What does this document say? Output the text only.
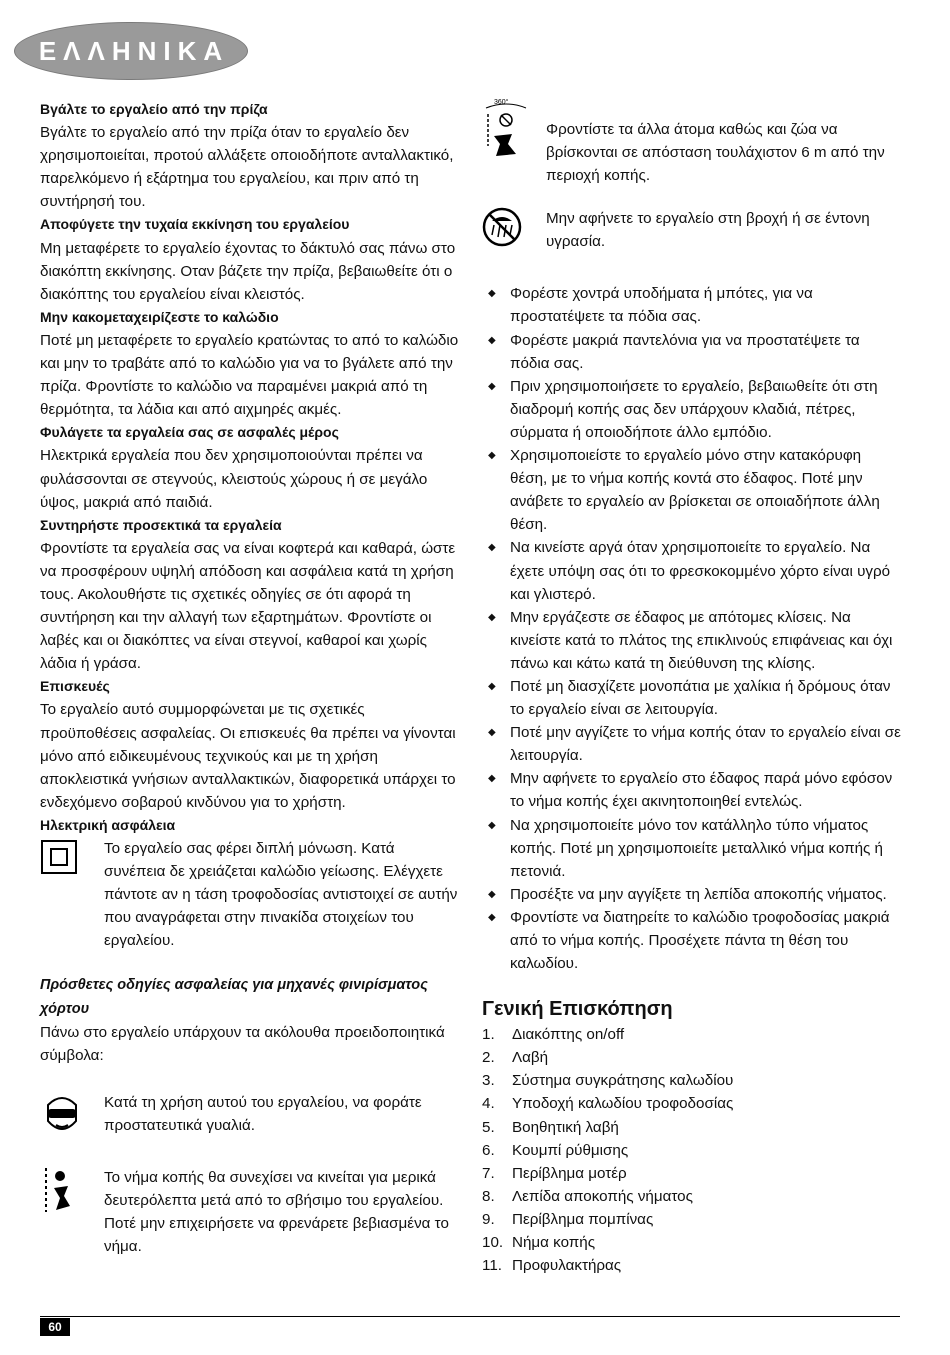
ΕΛΛΗΝΙΚΑ
Βγάλτε το εργαλείο από την πρίζα

Βγάλτε το εργαλείο από την πρίζα όταν το εργαλείο δεν χρησιμοποιείται, προτού αλλάξετε οποιοδήποτε ανταλλακτικό, παρελκόμενο ή εξάρτημα του εργαλείου, και πριν από τη συντήρησή του.

Αποφύγετε την τυχαία εκκίνηση του εργαλείου

Μη μεταφέρετε το εργαλείο έχοντας το δάκτυλό σας πάνω στο διακόπτη εκκίνησης. Οταν βάζετε την πρίζα, βεβαιωθείτε ότι ο διακόπτης του εργαλείου είναι κλειστός.

Μην κακομεταχειρίζεστε το καλώδιο

Ποτέ μη μεταφέρετε το εργαλείο κρατώντας το από το καλώδιο και μην το τραβάτε από το καλώδιο για να το βγάλετε από την πρίζα. Φροντίστε το καλώδιο να παραμένει μακριά από τη θερμότητα, τα λάδια και από αιχμηρές ακμές.

Φυλάγετε τα εργαλεία σας σε ασφαλές μέρος

Ηλεκτρικά εργαλεία που δεν χρησιμοποιούνται πρέπει να φυλάσσονται σε στεγνούς, κλειστούς χώρους ή σε μεγάλο ύψος, μακριά από παιδιά.

Συντηρήστε προσεκτικά τα εργαλεία

Φροντίστε τα εργαλεία σας να είναι κοφτερά και καθαρά, ώστε να προσφέρουν υψηλή απόδοση και ασφάλεια κατά τη χρήση τους. Ακολουθήστε τις σχετικές οδηγίες σε ότι αφορά τη συντήρηση και την αλλαγή των εξαρτημάτων. Φροντίστε οι λαβές και οι διακόπτες να είναι στεγνοί, καθαροί και χωρίς λάδια ή γράσα.

Επισκευές

Το εργαλείο αυτό συμμορφώνεται με τις σχετικές προϋποθέσεις ασφαλείας. Οι επισκευές θα πρέπει να γίνονται μόνο από ειδικευμένους τεχνικούς και με τη χρήση αποκλειστικά γνήσιων ανταλλακτικών, διαφορετικά υπάρχει το ενδεχόμενο σοβαρού κινδύνου για το χρήστη.

Ηλεκτρική ασφάλεια

Το εργαλείο σας φέρει διπλή μόνωση. Κατά συνέπεια δε χρειάζεται καλώδιο γείωσης. Ελέγχετε πάντοτε αν η τάση τροφοδοσίας αντιστοιχεί σε αυτήν που αναγράφεται στην πινακίδα στοιχείων του εργαλείου.

Πρόσθετες οδηγίες ασφαλείας για μηχανές φινιρίσματος χόρτου

Πάνω στο εργαλείο υπάρχουν τα ακόλουθα προειδοποιητικά σύμβολα:

Κατά τη χρήση αυτού του εργαλείου, να φοράτε προστατευτικά γυαλιά.

Το νήμα κοπής θα συνεχίσει να κινείται για μερικά δευτερόλεπτα μετά από το σβήσιμο του εργαλείου. Ποτέ μην επιχειρήσετε να φρενάρετε βεβιασμένα το νήμα.

360°

Φροντίστε τα άλλα άτομα καθώς και ζώα να βρίσκονται σε απόσταση τουλάχιστον 6 m από την περιοχή κοπής.

Μην αφήνετε το εργαλείο στη βροχή ή σε έντονη υγρασία.

◆ Φορέστε χοντρά υποδήματα ή μπότες, για να προστατέψετε τα πόδια σας.
◆ Φορέστε μακριά παντελόνια για να προστατέψετε τα πόδια σας.
◆ Πριν χρησιμοποιήσετε το εργαλείο, βεβαιωθείτε ότι στη διαδρομή κοπής σας δεν υπάρχουν κλαδιά, πέτρες, σύρματα ή οποιοδήποτε άλλο εμπόδιο.
◆ Χρησιμοποιείστε το εργαλείο μόνο στην κατακόρυφη θέση, με το νήμα κοπής κοντά στο έδαφος. Ποτέ μην ανάβετε το εργαλείο αν βρίσκεται σε οποιαδήποτε άλλη θέση.
◆ Να κινείστε αργά όταν χρησιμοποιείτε το εργαλείο. Να έχετε υπόψη σας ότι το φρεσκοκομμένο χόρτο είναι υγρό και γλιστερό.
◆ Μην εργάζεστε σε έδαφος με απότομες κλίσεις. Να κινείστε κατά το πλάτος της επικλινούς επιφάνειας και όχι πάνω και κάτω κατά τη διεύθυνση της κλίσης.
◆ Ποτέ μη διασχίζετε μονοπάτια με χαλίκια ή δρόμους όταν το εργαλείο είναι σε λειτουργία.
◆ Ποτέ μην αγγίζετε το νήμα κοπής όταν το εργαλείο είναι σε λειτουργία.
◆ Μην αφήνετε το εργαλείο στο έδαφος παρά μόνο εφόσον το νήμα κοπής έχει ακινητοποιηθεί εντελώς.
◆ Να χρησιμοποιείτε μόνο τον κατάλληλο τύπο νήματος κοπής. Ποτέ μη χρησιμοποιείτε μεταλλικό νήμα κοπής ή πετονιά.
◆ Προσέξτε να μην αγγίξετε τη λεπίδα αποκοπής νήματος.
◆ Φροντίστε να διατηρείτε το καλώδιο τροφοδοσίας μακριά από το νήμα κοπής. Προσέχετε πάντα τη θέση του καλωδίου.
Γενική Επισκόπηση
1.	Διακόπτης on/off
2.	Λαβή
3.	Σύστημα συγκράτησης καλωδίου
4.	Υποδοχή καλωδίου τροφοδοσίας
5.	Βοηθητική λαβή
6.	Κουμπί ρύθμισης
7.	Περίβλημα μοτέρ
8.	Λεπίδα αποκοπής νήματος
9.	Περίβλημα πομπίνας
10. Νήμα κοπής
11. Προφυλακτήρας
60
